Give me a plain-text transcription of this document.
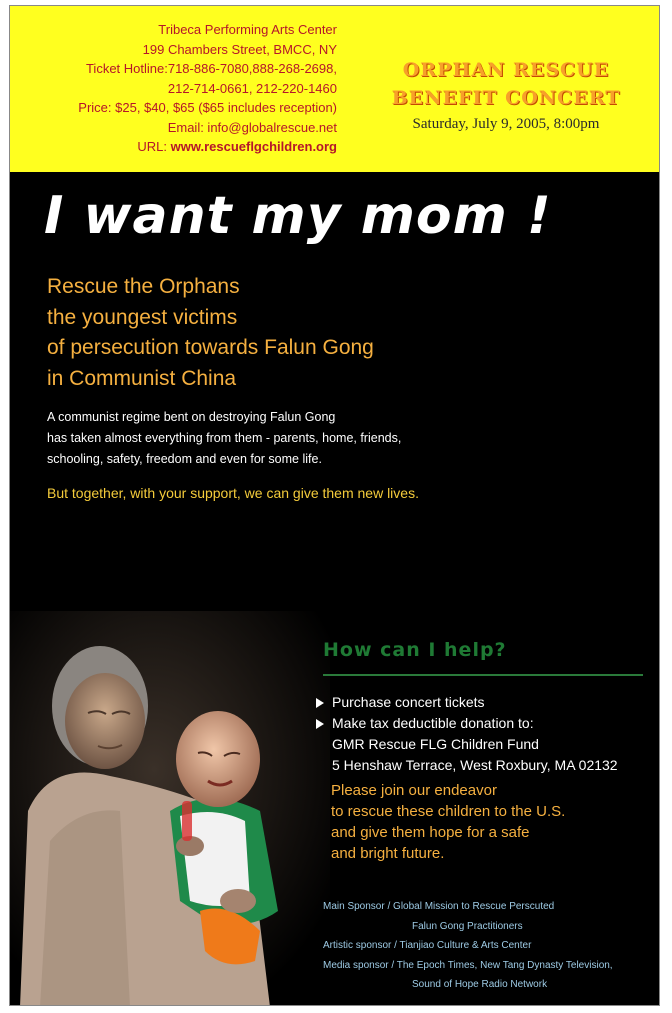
Tribeca Performing Arts Center
199 Chambers Street, BMCC, NY
Ticket Hotline:718-886-7080,888-268-2698,
212-714-0661, 212-220-1460
Price: $25, $40, $65 ($65 includes reception)
Email: info@globalrescue.net
URL: www.rescueflgchildren.org
ORPHAN RESCUE
BENEFIT CONCERT
Saturday, July 9, 2005, 8:00pm
I want my mom !
Rescue the Orphans
the youngest victims
of persecution towards Falun Gong
in Communist China
A communist regime bent on destroying Falun Gong
has taken almost everything from them - parents, home, friends,
schooling, safety, freedom and even for some life.
But together, with your support, we can give them new lives.
How can I help?
Purchase concert tickets
Make tax deductible donation to:
GMR Rescue FLG Children Fund
5 Henshaw Terrace, West Roxbury, MA 02132
Please join our endeavor
to rescue these children to the U.S.
and give them hope for a safe
and bright future.
Main Sponsor / Global Mission to Rescue Perscuted
Falun Gong Practitioners
Artistic sponsor / Tianjiao Culture & Arts Center
Media sponsor / The Epoch Times, New Tang Dynasty Television,
Sound of Hope Radio Network
